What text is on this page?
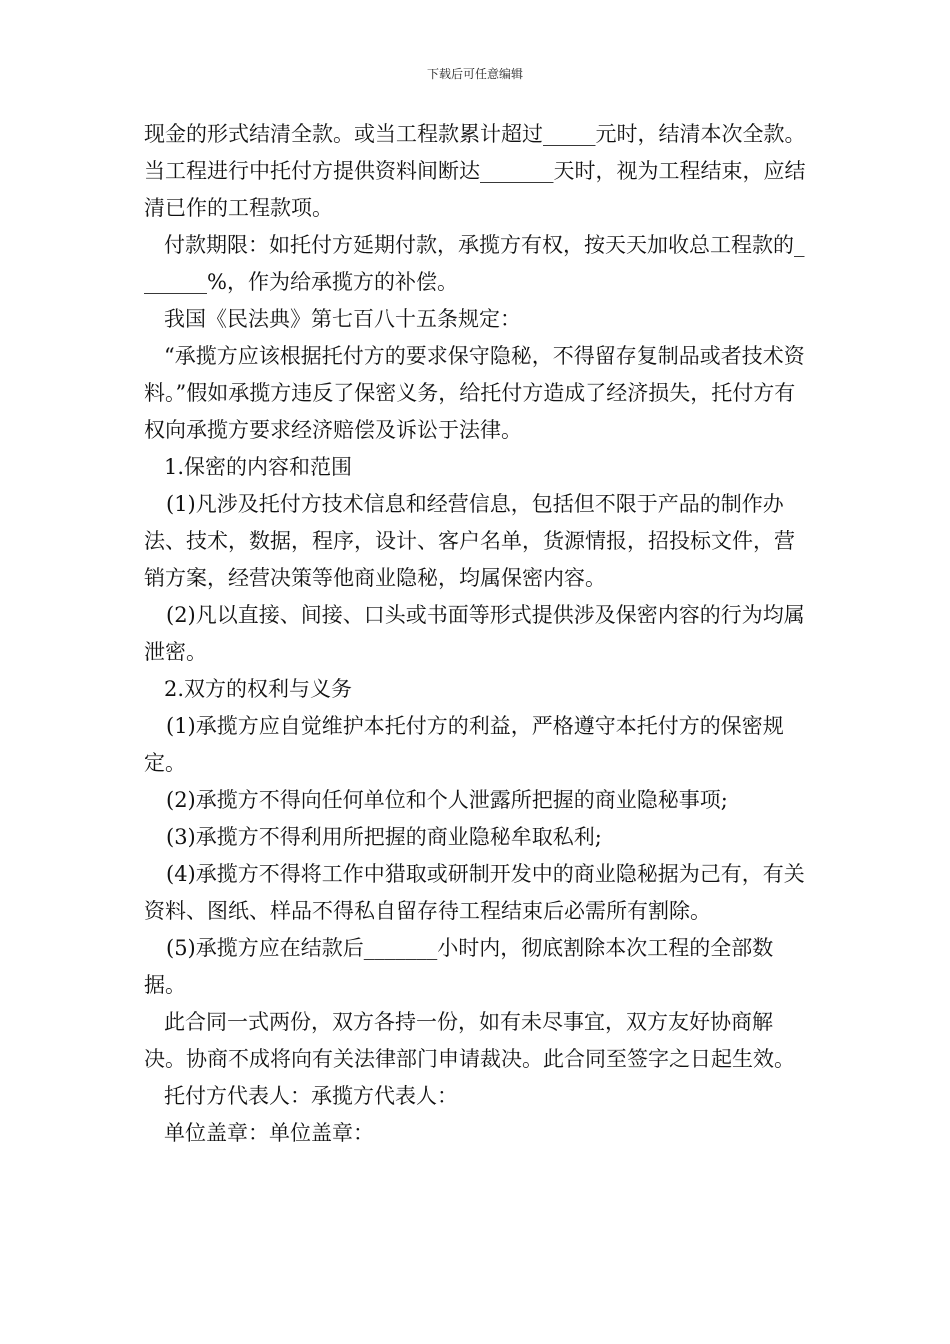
下载后可任意编辑

现金的形式结清全款。或当工程款累计超过_____元时，结清本次全款。当工程进行中托付方提供资料间断达_______天时，视为工程结束，应结清已作的工程款项。

付款期限：如托付方延期付款，承揽方有权，按天天加收总工程款的_______%，作为给承揽方的补偿。

我国《民法典》第七百八十五条规定：

“承揽方应该根据托付方的要求保守隐秘，不得留存复制品或者技术资料。”假如承揽方违反了保密义务，给托付方造成了经济损失，托付方有权向承揽方要求经济赔偿及诉讼于法律。

1.保密的内容和范围

(1)凡涉及托付方技术信息和经营信息，包括但不限于产品的制作办法、技术，数据，程序，设计、客户名单，货源情报，招投标文件，营销方案，经营决策等他商业隐秘，均属保密内容。

(2)凡以直接、间接、口头或书面等形式提供涉及保密内容的行为均属泄密。

2.双方的权利与义务

(1)承揽方应自觉维护本托付方的利益，严格遵守本托付方的保密规定。

(2)承揽方不得向任何单位和个人泄露所把握的商业隐秘事项;

(3)承揽方不得利用所把握的商业隐秘牟取私利;

(4)承揽方不得将工作中猎取或研制开发中的商业隐秘据为己有，有关资料、图纸、样品不得私自留存待工程结束后必需所有割除。

(5)承揽方应在结款后_______小时内，彻底割除本次工程的全部数据。

此合同一式两份，双方各持一份，如有未尽事宜，双方友好协商解决。协商不成将向有关法律部门申请裁决。此合同至签字之日起生效。

托付方代表人：承揽方代表人：

单位盖章：单位盖章：
